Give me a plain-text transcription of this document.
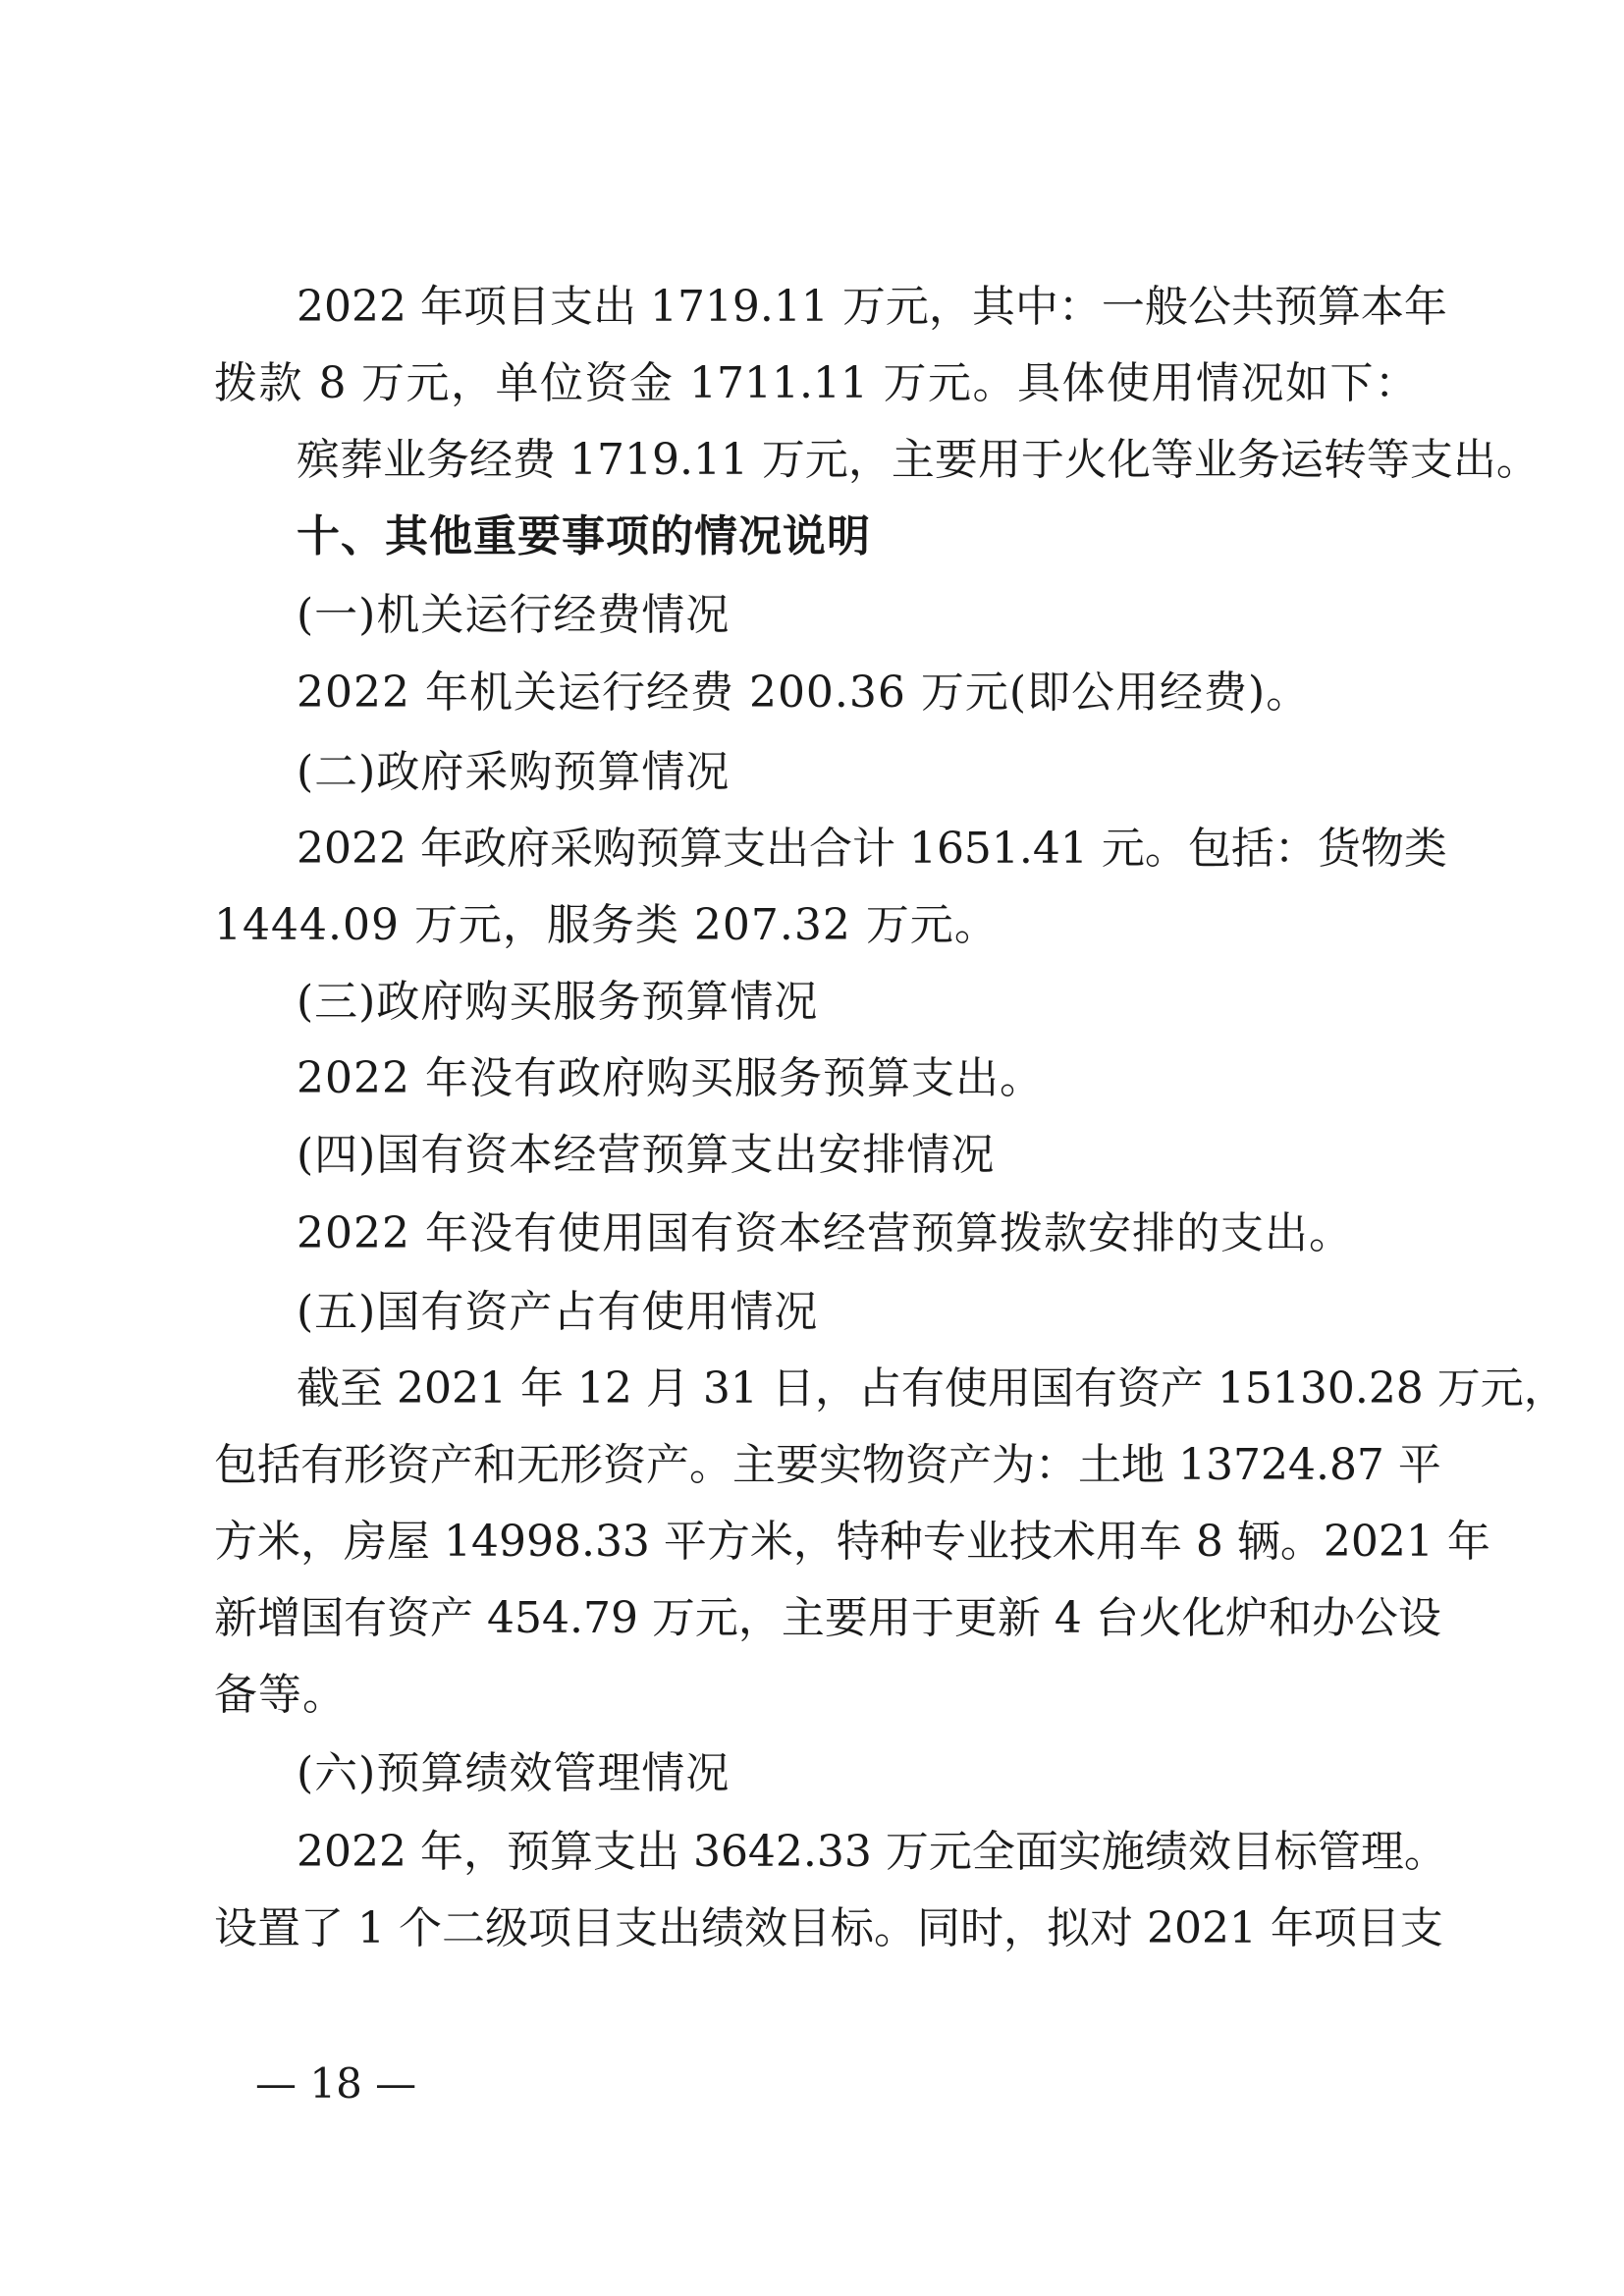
2022 年项目支出 1719.11 万元，其中：一般公共预算本年
拨款 8 万元，单位资金 1711.11 万元。具体使用情况如下：
殡葬业务经费 1719.11 万元，主要用于火化等业务运转等支出。
十、其他重要事项的情况说明
(一)机关运行经费情况
2022 年机关运行经费 200.36 万元(即公用经费)。
(二)政府采购预算情况
2022 年政府采购预算支出合计 1651.41 元。包括：货物类
1444.09 万元，服务类 207.32 万元。
(三)政府购买服务预算情况
2022 年没有政府购买服务预算支出。
(四)国有资本经营预算支出安排情况
2022 年没有使用国有资本经营预算拨款安排的支出。
(五)国有资产占有使用情况
截至 2021 年 12 月 31 日，占有使用国有资产 15130.28 万元，
包括有形资产和无形资产。主要实物资产为：土地 13724.87 平
方米，房屋 14998.33 平方米，特种专业技术用车 8 辆。2021 年
新增国有资产 454.79 万元，主要用于更新 4 台火化炉和办公设
备等。
(六)预算绩效管理情况
2022 年，预算支出 3642.33 万元全面实施绩效目标管理。
设置了 1 个二级项目支出绩效目标。同时，拟对 2021 年项目支
— 18 —
